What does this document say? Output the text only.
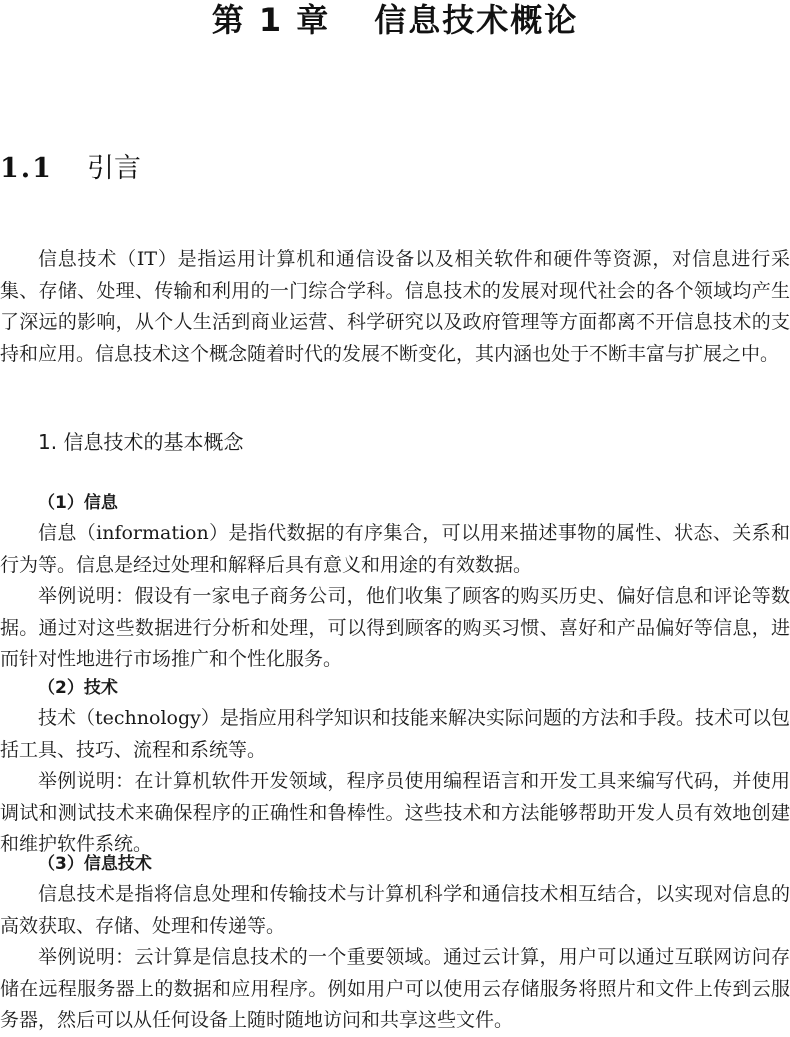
第 1 章 信息技术概论
1.1 引言

信息技术（IT）是指运用计算机和通信设备以及相关软件和硬件等资源，对信息进行采集、存储、处理、传输和利用的一门综合学科。信息技术的发展对现代社会的各个领域均产生了深远的影响，从个人生活到商业运营、科学研究以及政府管理等方面都离不开信息技术的支持和应用。信息技术这个概念随着时代的发展不断变化，其内涵也处于不断丰富与扩展之中。

1. 信息技术的基本概念
（1）信息

信息（information）是指代数据的有序集合，可以用来描述事物的属性、状态、关系和行为等。信息是经过处理和解释后具有意义和用途的有效数据。

举例说明：假设有一家电子商务公司，他们收集了顾客的购买历史、偏好信息和评论等数据。通过对这些数据进行分析和处理，可以得到顾客的购买习惯、喜好和产品偏好等信息，进而针对性地进行市场推广和个性化服务。

（2）技术

技术（technology）是指应用科学知识和技能来解决实际问题的方法和手段。技术可以包括工具、技巧、流程和系统等。

举例说明：在计算机软件开发领域，程序员使用编程语言和开发工具来编写代码，并使用调试和测试技术来确保程序的正确性和鲁棒性。这些技术和方法能够帮助开发人员有效地创建和维护软件系统。

（3）信息技术

信息技术是指将信息处理和传输技术与计算机科学和通信技术相互结合，以实现对信息的高效获取、存储、处理和传递等。

举例说明：云计算是信息技术的一个重要领域。通过云计算，用户可以通过互联网访问存储在远程服务器上的数据和应用程序。例如用户可以使用云存储服务将照片和文件上传到云服务器，然后可以从任何设备上随时随地访问和共享这些文件。
